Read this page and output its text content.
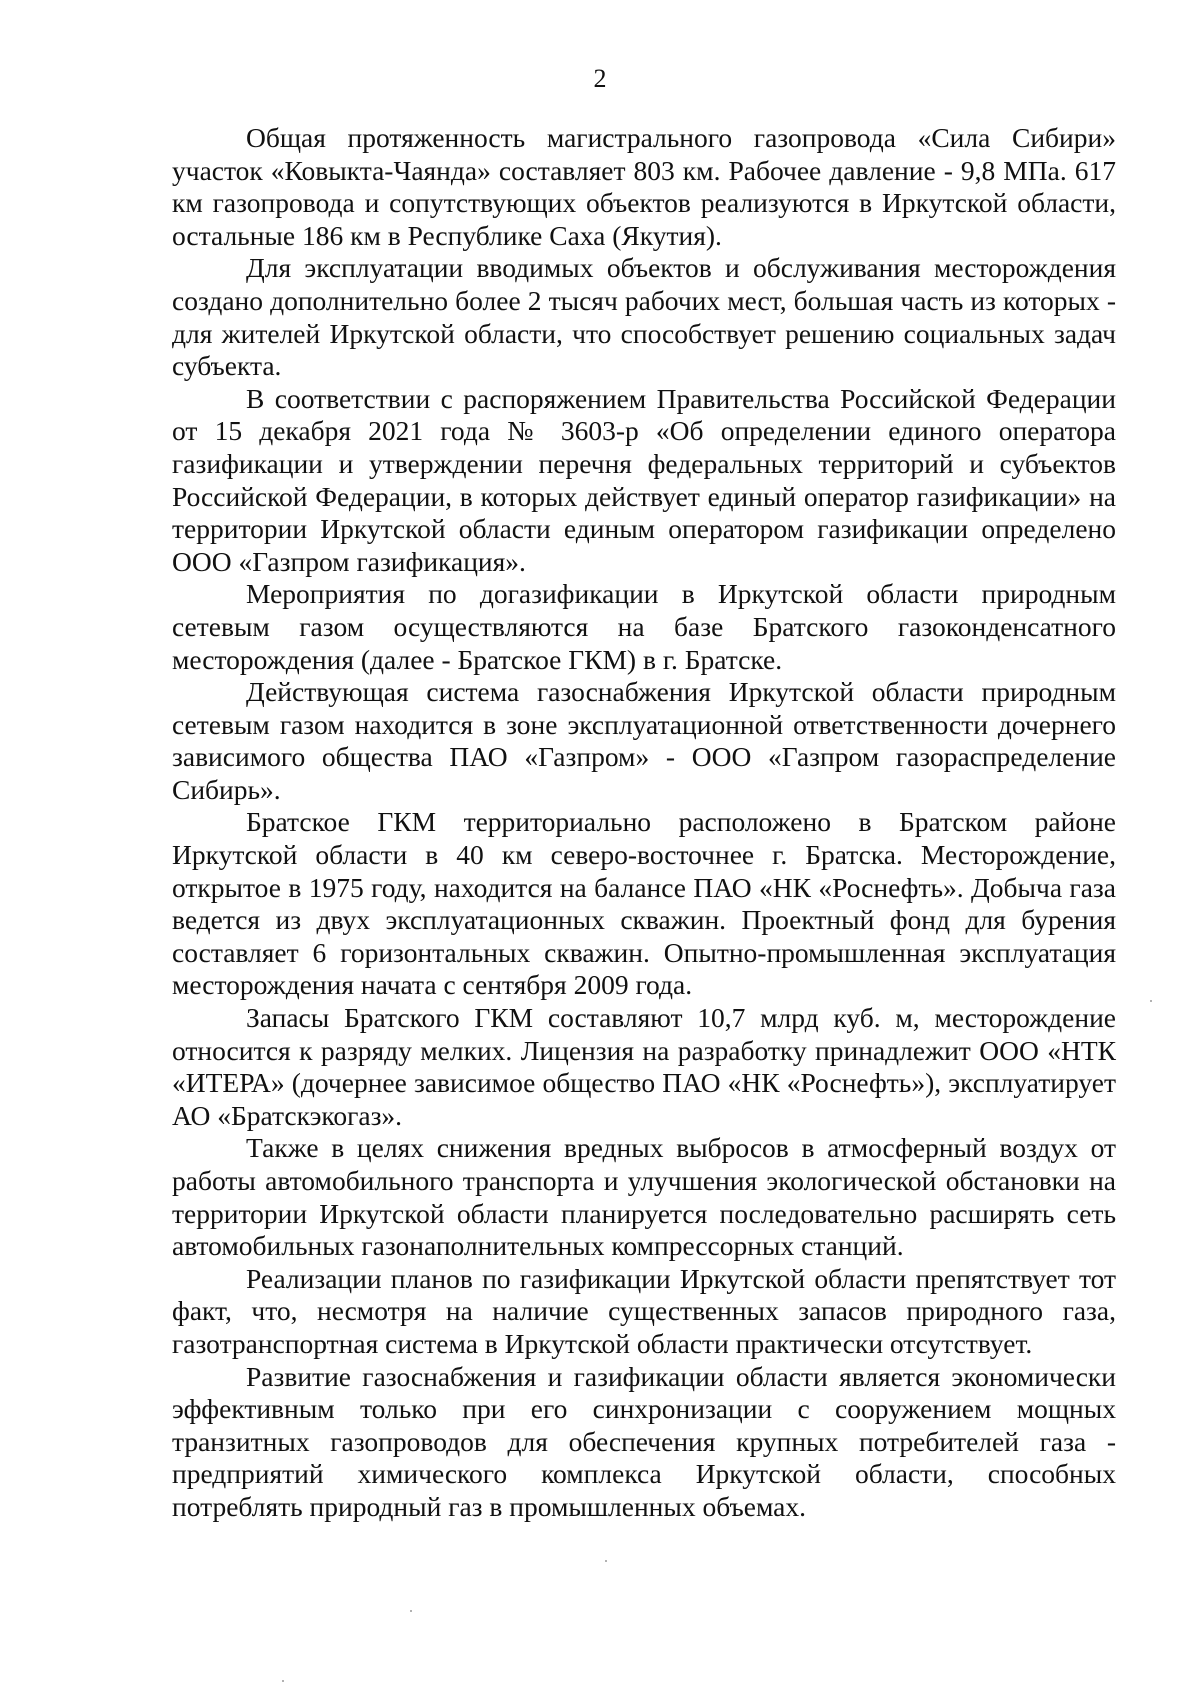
2

Общая протяженность магистрального газопровода «Сила Сибири» участок «Ковыкта-Чаянда» составляет 803 км. Рабочее давление - 9,8 МПа. 617 км газопровода и сопутствующих объектов реализуются в Иркутской области, остальные 186 км в Республике Саха (Якутия).

Для эксплуатации вводимых объектов и обслуживания месторождения создано дополнительно более 2 тысяч рабочих мест, большая часть из которых - для жителей Иркутской области, что способствует решению социальных задач субъекта.

В соответствии с распоряжением Правительства Российской Федерации от 15 декабря 2021 года № 3603-р «Об определении единого оператора газификации и утверждении перечня федеральных территорий и субъектов Российской Федерации, в которых действует единый оператор газификации» на территории Иркутской области единым оператором газификации определено ООО «Газпром газификация».

Мероприятия по догазификации в Иркутской области природным сетевым газом осуществляются на базе Братского газоконденсатного месторождения (далее - Братское ГКМ) в г. Братске.

Действующая система газоснабжения Иркутской области природным сетевым газом находится в зоне эксплуатационной ответственности дочернего зависимого общества ПАО «Газпром» - ООО «Газпром газораспределение Сибирь».

Братское ГКМ территориально расположено в Братском районе Иркутской области в 40 км северо-восточнее г. Братска. Месторождение, открытое в 1975 году, находится на балансе ПАО «НК «Роснефть». Добыча газа ведется из двух эксплуатационных скважин. Проектный фонд для бурения составляет 6 горизонтальных скважин. Опытно-промышленная эксплуатация месторождения начата с сентября 2009 года.

Запасы Братского ГКМ составляют 10,7 млрд куб. м, месторождение относится к разряду мелких. Лицензия на разработку принадлежит ООО «НТК «ИТЕРА» (дочернее зависимое общество ПАО «НК «Роснефть»), эксплуатирует АО «Братскэкогаз».

Также в целях снижения вредных выбросов в атмосферный воздух от работы автомобильного транспорта и улучшения экологической обстановки на территории Иркутской области планируется последовательно расширять сеть автомобильных газонаполнительных компрессорных станций.

Реализации планов по газификации Иркутской области препятствует тот факт, что, несмотря на наличие существенных запасов природного газа, газотранспортная система в Иркутской области практически отсутствует.

Развитие газоснабжения и газификации области является экономически эффективным только при его синхронизации с сооружением мощных транзитных газопроводов для обеспечения крупных потребителей газа - предприятий химического комплекса Иркутской области, способных потреблять природный газ в промышленных объемах.
